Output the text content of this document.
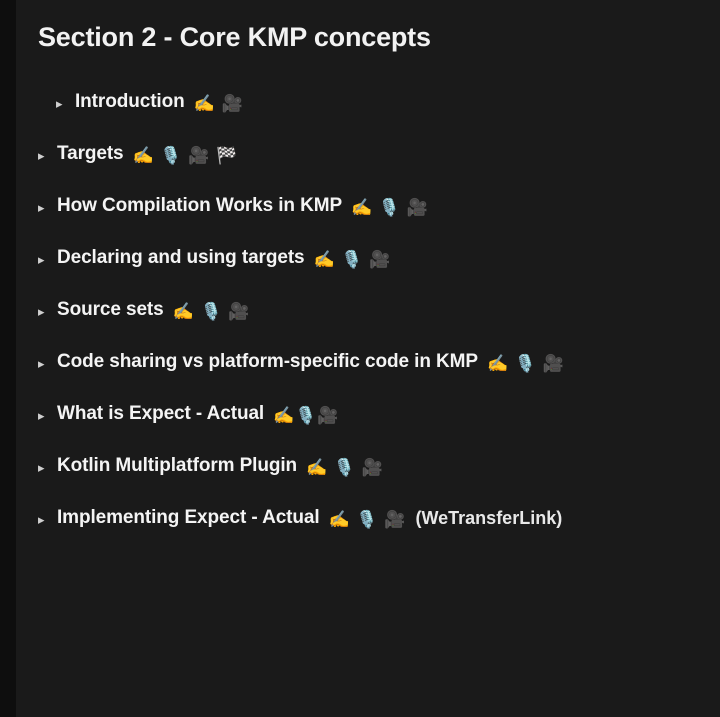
Section 2 - Core KMP concepts
▸ Introduction ✍️ 🎥
▸ Targets ✍️ 🎙️ 🎥 🏁
▸ How Compilation Works in KMP ✍️ 🎙️ 🎥
▸ Declaring and using targets ✍️ 🎙️ 🎥
▸ Source sets ✍️ 🎙️ 🎥
▸ Code sharing vs platform-specific code in KMP ✍️ 🎙️ 🎥
▸ What is Expect - Actual ✍️🎙️🎥
▸ Kotlin Multiplatform Plugin ✍️ 🎙️ 🎥
▸ Implementing Expect - Actual ✍️ 🎙️ 🎥 (WeTransferLink)
